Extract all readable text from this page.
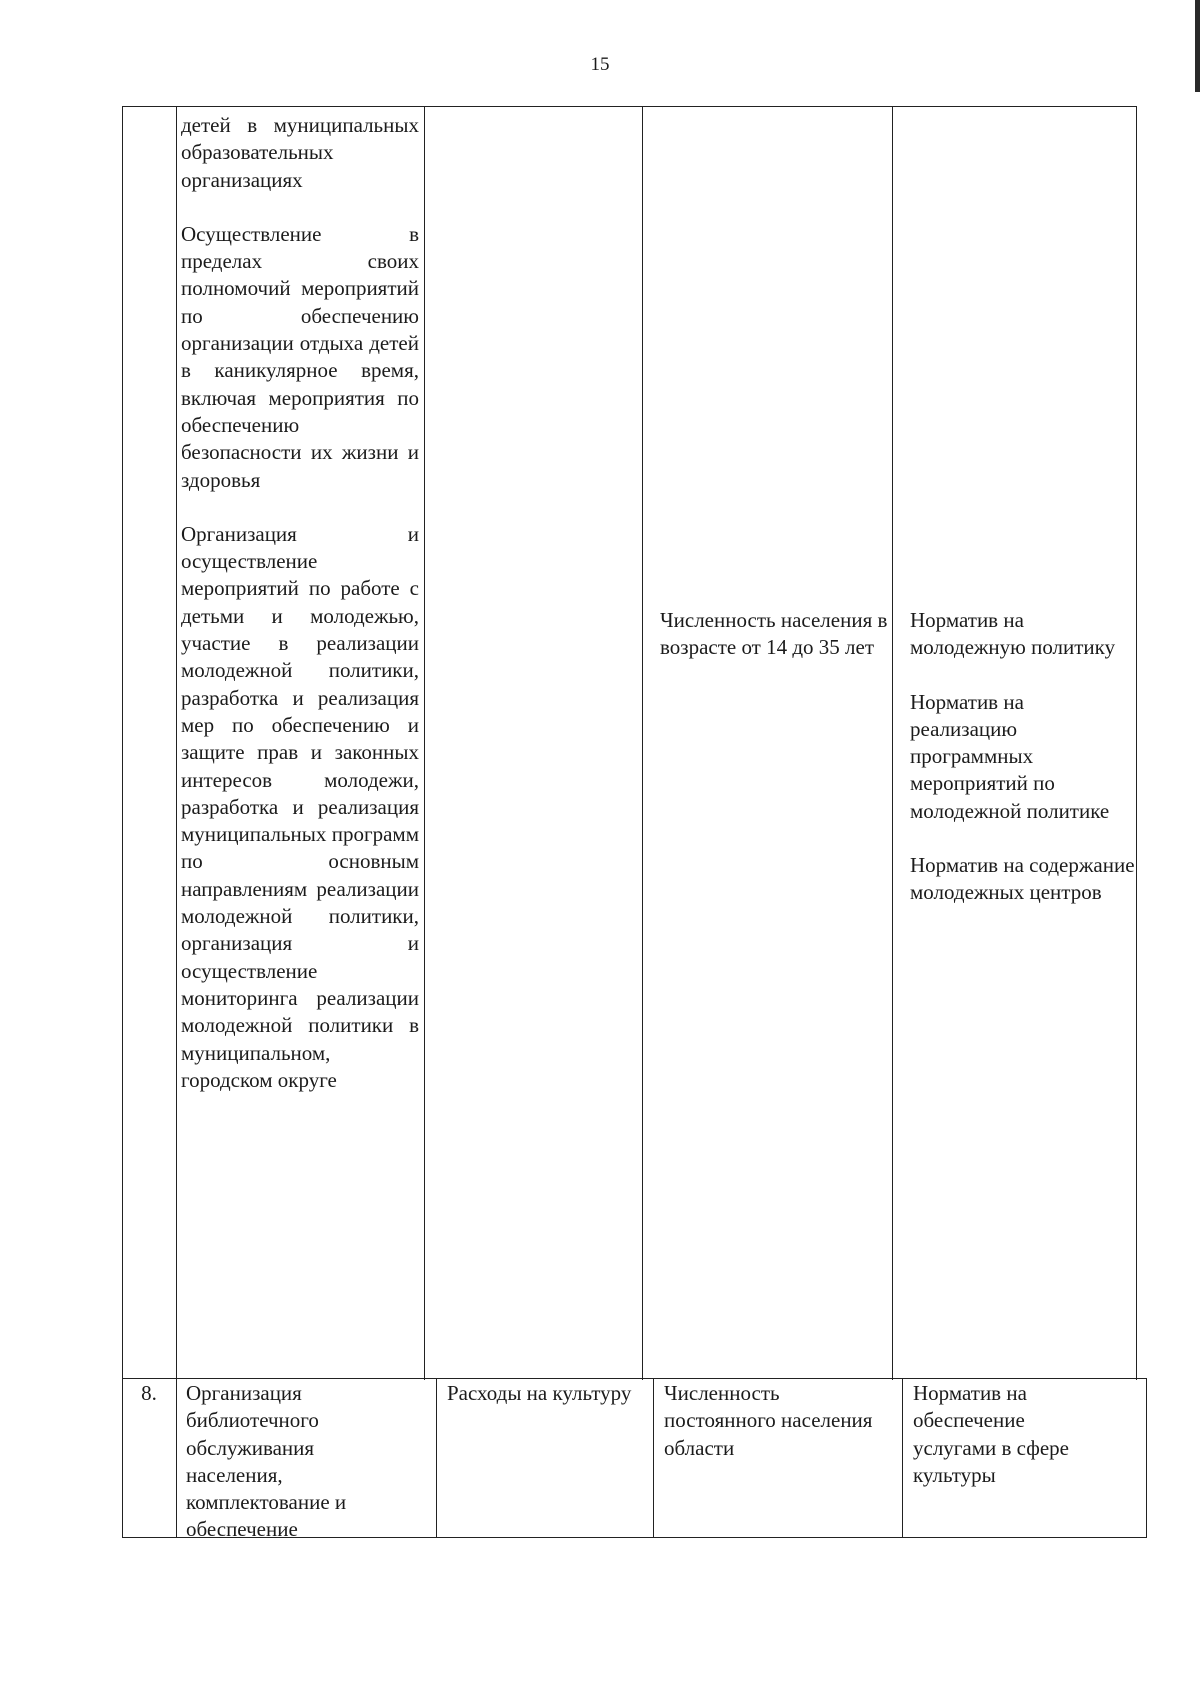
15
детей в муниципальных образовательных организациях
Осуществление в пределах своих полномочий мероприятий по обеспечению организации отдыха детей в каникулярное время, включая мероприятия по обеспечению безопасности их жизни и здоровья
Организация и осуществление мероприятий по работе с детьми и молодежью, участие в реализации молодежной политики, разработка и реализация мер по обеспечению и защите прав и законных интересов молодежи, разработка и реализация муниципальных программ по основным направлениям реализации молодежной политики, организация и осуществление мониторинга реализации молодежной политики в муниципальном, городском округе
Численность населения в возрасте от 14 до 35 лет
Норматив на молодежную политику
Норматив на реализацию программных мероприятий по молодежной политике
Норматив на содержание молодежных центров
8.	Организация библиотечного обслуживания населения, комплектование и обеспечение
Расходы на культуру	Численность постоянного населения области
Норматив на обеспечение услугами в сфере культуры
